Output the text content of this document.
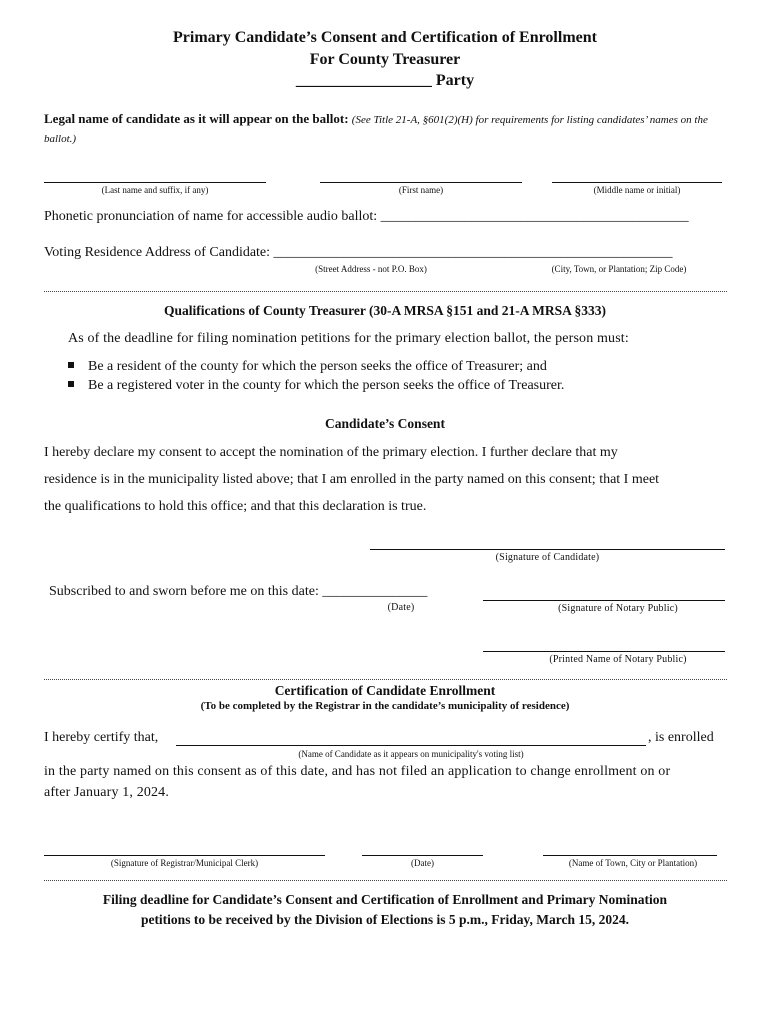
Primary Candidate’s Consent and Certification of Enrollment
For County Treasurer
_________________ Party
Legal name of candidate as it will appear on the ballot: (See Title 21-A, §601(2)(H) for requirements for listing candidates’ names on the ballot.)
(Last name and suffix, if any)	(First name)	(Middle name or initial)
Phonetic pronunciation of name for accessible audio ballot: ____________________________________________
Voting Residence Address of Candidate: _________________________________________________________
(Street Address - not P.O. Box)	(City, Town, or Plantation; Zip Code)
Qualifications of County Treasurer (30-A MRSA §151 and 21-A MRSA §333)
As of the deadline for filing nomination petitions for the primary election ballot, the person must:
Be a resident of the county for which the person seeks the office of Treasurer; and
Be a registered voter in the county for which the person seeks the office of Treasurer.
Candidate’s Consent
I hereby declare my consent to accept the nomination of the primary election. I further declare that my
residence is in the municipality listed above; that I am enrolled in the party named on this consent; that I meet
the qualifications to hold this office; and that this declaration is true.
(Signature of Candidate)
Subscribed to and sworn before me on this date: _______________
(Date)	(Signature of Notary Public)
(Printed Name of Notary Public)
Certification of Candidate Enrollment
(To be completed by the Registrar in the candidate’s municipality of residence)
I hereby certify that,	, is enrolled
(Name of Candidate as it appears on municipality's voting list)
in the party named on this consent as of this date, and has not filed an application to change enrollment on or
after January 1, 2024.
(Signature of Registrar/Municipal Clerk)	(Date)	(Name of Town, City or Plantation)
Filing deadline for Candidate’s Consent and Certification of Enrollment and Primary Nomination
petitions to be received by the Division of Elections is 5 p.m., Friday, March 15, 2024.
